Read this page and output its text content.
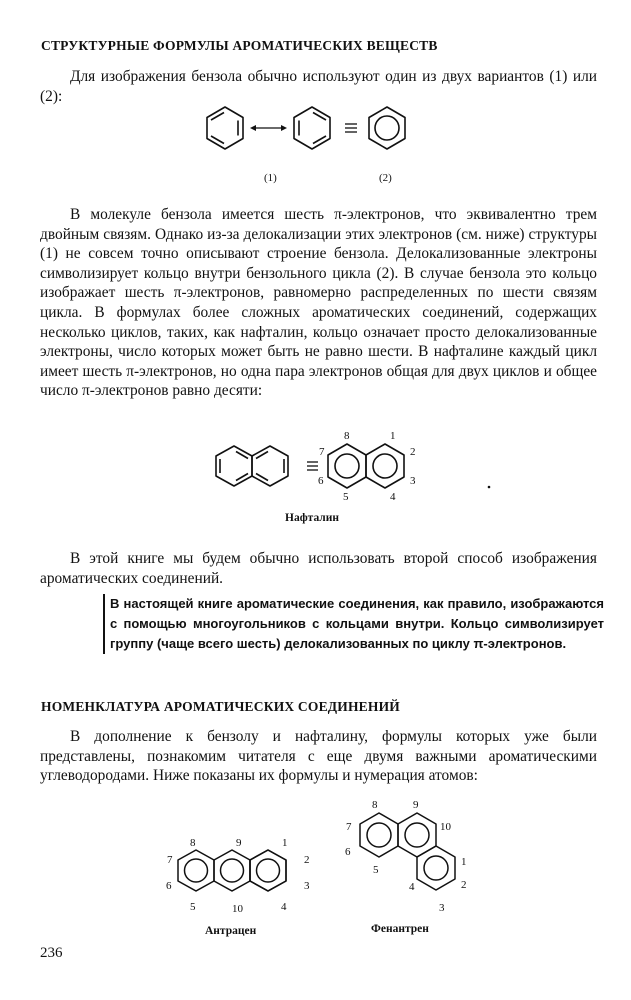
СТРУКТУРНЫЕ ФОРМУЛЫ АРОМАТИЧЕСКИХ ВЕЩЕСТВ

Для изображения бензола обычно используют один из двух вариантов (1) или (2):

(1)	(2)
1
2
3
4
5
6
7
8
Нафталин
1
2
3
4
10
5
6
7
8	9
Антрацен
1
2
3
4
5
6
7
8	9
10
Фенантрен

В молекуле бензола имеется шесть π-электронов, что эквивалентно трем двойным связям. Однако из-за делокализации этих электронов (см. ниже) структуры (1) не совсем точно описывают строение бензола. Делокализованные электроны символизирует кольцо внутри бензольного цикла (2). В случае бензола это кольцо изображает шесть π-электронов, равномерно распределенных по шести связям цикла. В формулах более сложных ароматических соединений, содержащих несколько циклов, таких, как нафталин, кольцо означает просто делокализованные электроны, число которых может быть не равно шести. В нафталине каждый цикл имеет шесть π-электронов, но одна пара электронов общая для двух циклов и общее число π-электронов равно десяти:

В этой книге мы будем обычно использовать второй способ изображения ароматических соединений.

В настоящей книге ароматические соединения, как правило, изображаются с помощью многоугольников с кольцами внутри. Кольцо символизирует группу (чаще всего шесть) делокализованных по циклу π-электронов.
НОМЕНКЛАТУРА АРОМАТИЧЕСКИХ СОЕДИНЕНИЙ

В дополнение к бензолу и нафталину, формулы которых уже были представлены, познакомим читателя с еще двумя важными ароматическими углеводородами. Ниже показаны их формулы и нумерация атомов:

236
